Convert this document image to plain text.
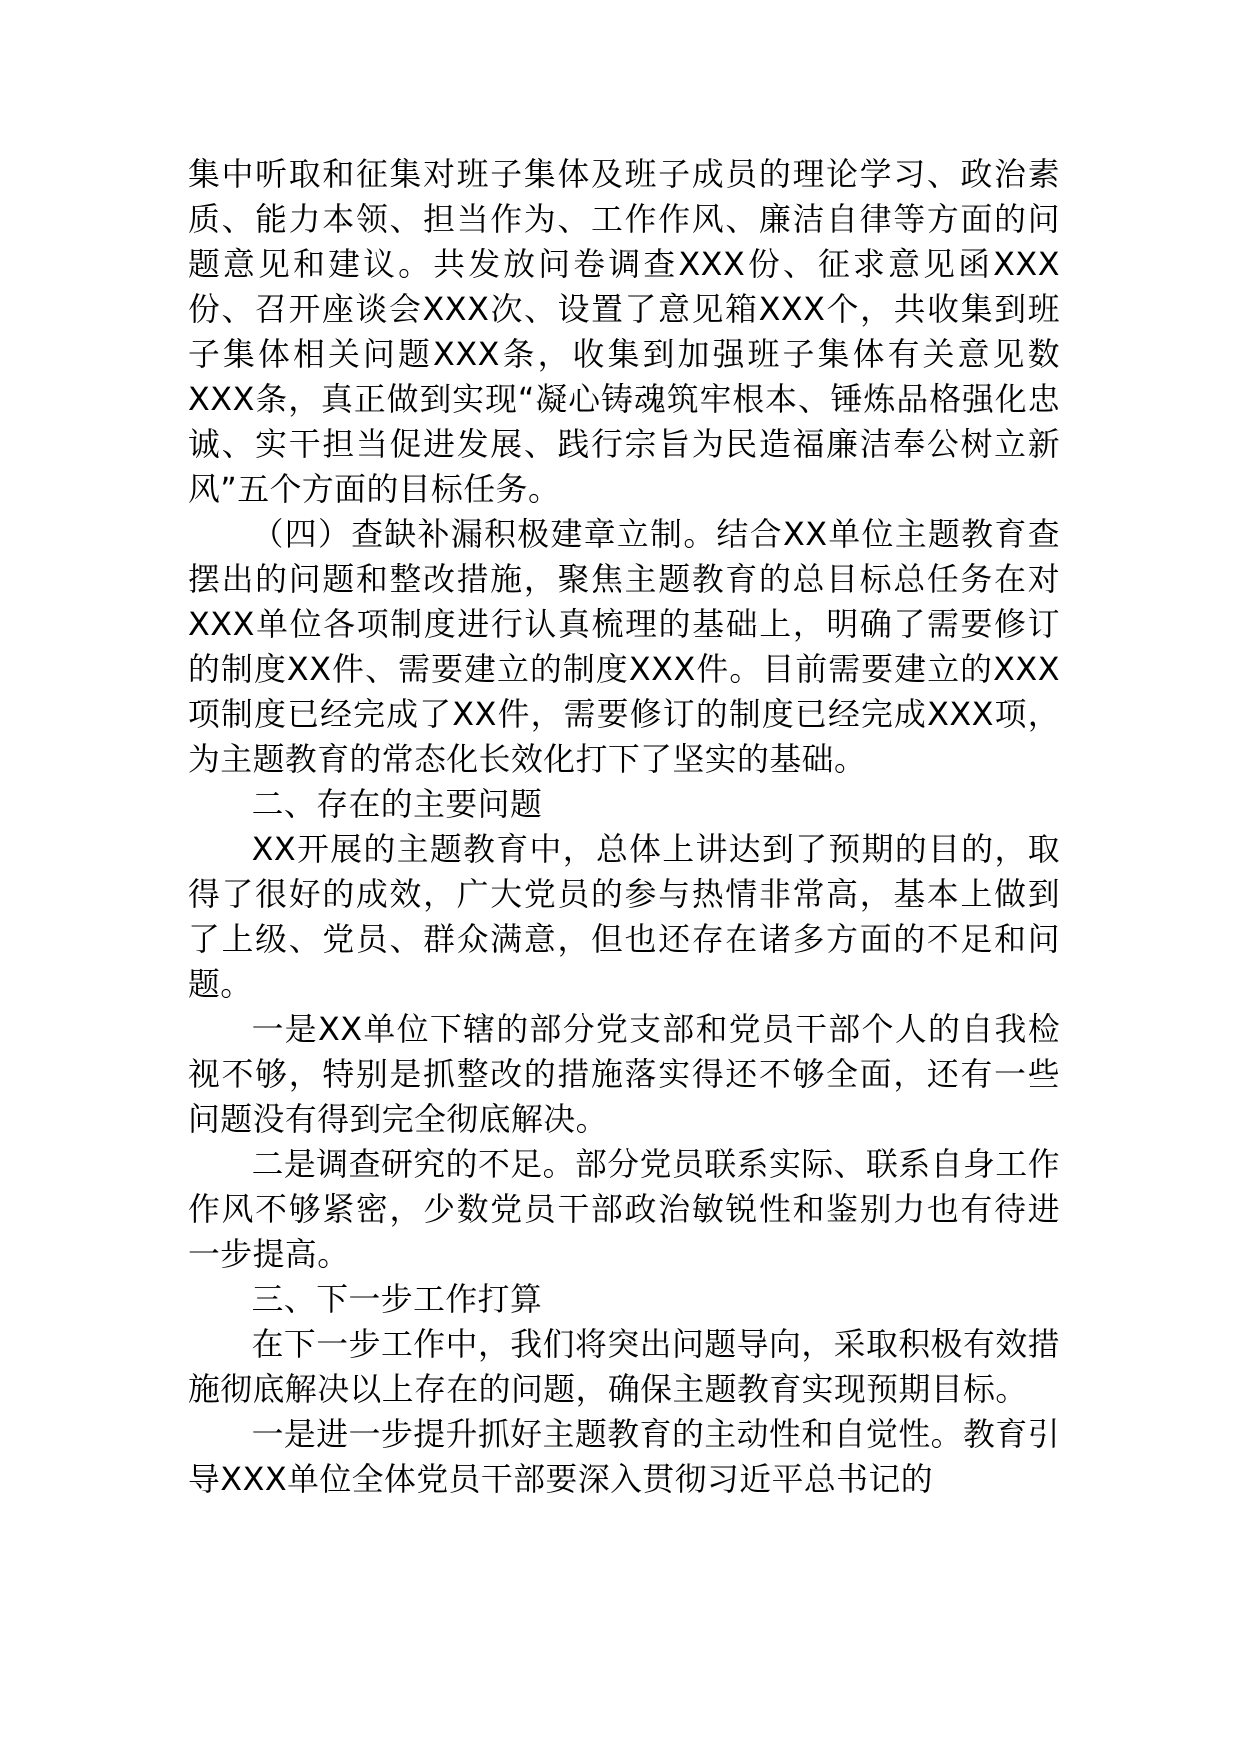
集中听取和征集对班子集体及班子成员的理论学习、政治素质、能力本领、担当作为、工作作风、廉洁自律等方面的问题意见和建议。共发放问卷调查XXX份、征求意见函XXX份、召开座谈会XXX次、设置了意见箱XXX个，共收集到班子集体相关问题XXX条，收集到加强班子集体有关意见数XXX条，真正做到实现“凝心铸魂筑牢根本、锤炼品格强化忠诚、实干担当促进发展、践行宗旨为民造福廉洁奉公树立新风”五个方面的目标任务。

（四）查缺补漏积极建章立制。结合XX单位主题教育查摆出的问题和整改措施，聚焦主题教育的总目标总任务在对XXX单位各项制度进行认真梳理的基础上，明确了需要修订的制度XX件、需要建立的制度XXX件。目前需要建立的XXX项制度已经完成了XX件，需要修订的制度已经完成XXX项，为主题教育的常态化长效化打下了坚实的基础。

二、存在的主要问题

XX开展的主题教育中，总体上讲达到了预期的目的，取得了很好的成效，广大党员的参与热情非常高，基本上做到了上级、党员、群众满意，但也还存在诸多方面的不足和问题。

一是XX单位下辖的部分党支部和党员干部个人的自我检视不够，特别是抓整改的措施落实得还不够全面，还有一些问题没有得到完全彻底解决。

二是调查研究的不足。部分党员联系实际、联系自身工作作风不够紧密，少数党员干部政治敏锐性和鉴别力也有待进一步提高。

三、下一步工作打算

在下一步工作中，我们将突出问题导向，采取积极有效措施彻底解决以上存在的问题，确保主题教育实现预期目标。

一是进一步提升抓好主题教育的主动性和自觉性。教育引导XXX单位全体党员干部要深入贯彻习近平总书记的
